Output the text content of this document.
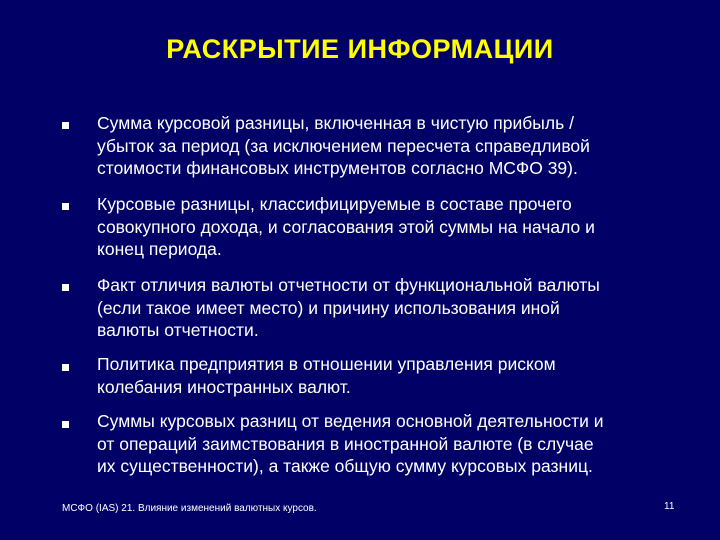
РАСКРЫТИЕ ИНФОРМАЦИИ
Сумма курсовой разницы, включенная в чистую прибыль /
убыток за период (за исключением пересчета справедливой
стоимости финансовых инструментов согласно МСФО 39).
Курсовые разницы, классифицируемые в составе прочего
совокупного дохода, и согласования этой суммы на начало и
конец периода.
Факт отличия валюты отчетности от функциональной валюты
(если такое имеет место) и причину использования иной
валюты отчетности.
Политика предприятия в отношении управления риском
колебания иностранных валют.
Суммы курсовых разниц от ведения основной деятельности и
от операций заимствования в иностранной валюте (в случае
их существенности), а также общую сумму курсовых разниц.
МСФО (IAS) 21. Влияние изменений валютных курсов.	11
